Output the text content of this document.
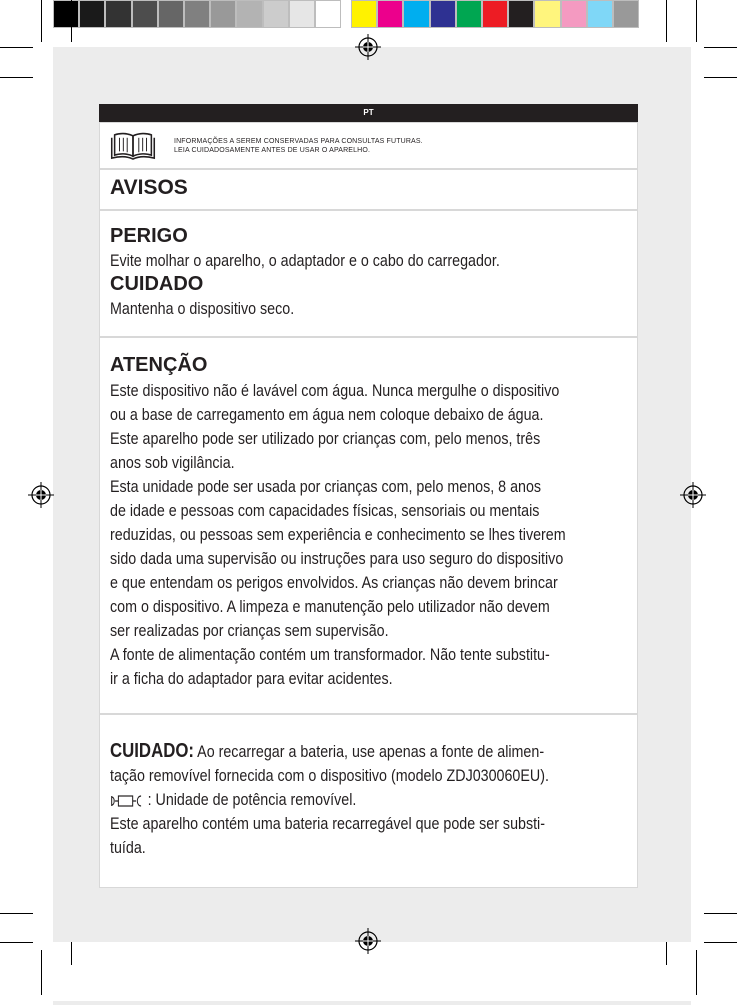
PT
INFORMAÇÕES A SEREM CONSERVADAS PARA CONSULTAS FUTURAS.
LEIA CUIDADOSAMENTE ANTES DE USAR O APARELHO.
AVISOS
PERIGO
Evite molhar o aparelho, o adaptador e o cabo do carregador.
CUIDADO
Mantenha o dispositivo seco.
ATENÇÃO
Este dispositivo não é lavável com água. Nunca mergulhe o dispositivo
ou a base de carregamento em água nem coloque debaixo de água.
Este aparelho pode ser utilizado por crianças com, pelo menos, três
anos sob vigilância.
Esta unidade pode ser usada por crianças com, pelo menos, 8 anos
de idade e pessoas com capacidades físicas, sensoriais ou mentais
reduzidas, ou pessoas sem experiência e conhecimento se lhes tiverem
sido dada uma supervisão ou instruções para uso seguro do dispositivo
e que entendam os perigos envolvidos. As crianças não devem brincar
com o dispositivo. A limpeza e manutenção pelo utilizador não devem
ser realizadas por crianças sem supervisão.
A fonte de alimentação contém um transformador. Não tente substitu-
ir a ficha do adaptador para evitar acidentes.
CUIDADO: Ao recarregar a bateria, use apenas a fonte de alimen-
tação removível fornecida com o dispositivo (modelo ZDJ030060EU).
: Unidade de potência removível.
Este aparelho contém uma bateria recarregável que pode ser substi-
tuída.
